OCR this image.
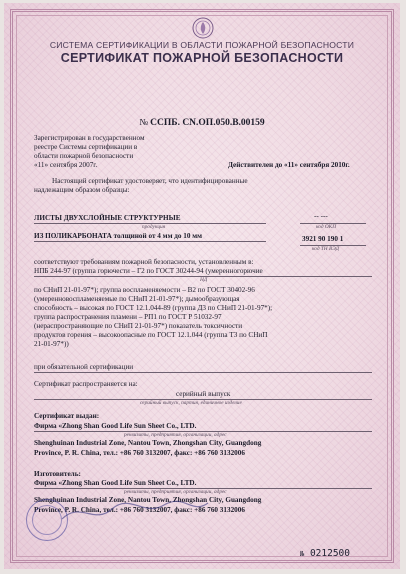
СИСТЕМА СЕРТИФИКАЦИИ В ОБЛАСТИ ПОЖАРНОЙ БЕЗОПАСНОСТИ
СЕРТИФИКАТ ПОЖАРНОЙ БЕЗОПАСНОСТИ
№ ССПБ. CN.ОП.050.В.00159
Зарегистрирован в государственном
реестре Системы сертификации в
области пожарной безопасности
«11» сентября 2007г.	Действителен до «11» сентября 2010г.
Настоящий сертификат удостоверяет, что идентифицированные
надлежащим образом образцы:
ЛИСТЫ ДВУХСЛОЙНЫЕ СТРУКТУРНЫЕ	-- ---
продукция	код ОКП
ИЗ ПОЛИКАРБОНАТА толщиной от 4 мм до 10 мм	3921 90 190 1
код ТН ВЭД
соответствуют требованиям пожарной безопасности, установленным в:
НПБ 244-97 (группа горючести – Г2 по ГОСТ 30244-94 (умеренногорючие
НД
по СНиП 21-01-97*); группа воспламеняемости – В2 по ГОСТ 30402-96
(умеренновоспламеняемые по СНиП 21-01-97*); дымообразующая
способность – высокая по ГОСТ 12.1.044-89 (группа Д3 по СНиП 21-01-97*);
группа распространения пламени – РП1 по ГОСТ Р 51032-97
(нераспространяющие по СНиП 21-01-97*) показатель токсичности
продуктов горения – высокоопасные по ГОСТ 12.1.044 (группа Т3 по СНиП
21-01-97*))
при обязательной сертификации
Сертификат распространяется на:
серийный выпуск
серийный выпуск, партия, единичное изделие
Сертификат выдан:
Фирма «Zhong Shan Good Life Sun Sheet Co., LTD.
реквизиты, предприятия, организации, адрес
Shenghuinan Industrial Zone, Nantou Town, Zhongshan City, Guangdong
Province, P. R. China, тел.: +86 760 3132007, факс: +86 760 3132006
Изготовитель:
Фирма «Zhong Shan Good Life Sun Sheet Co., LTD.
реквизиты, предприятия, организации, адрес
Shenghuinan Industrial Zone, Nantou Town, Zhongshan City, Guangdong
Province, P. R. China, тел.: +86 760 3132007, факс: +86 760 3132006
№ 0212500
